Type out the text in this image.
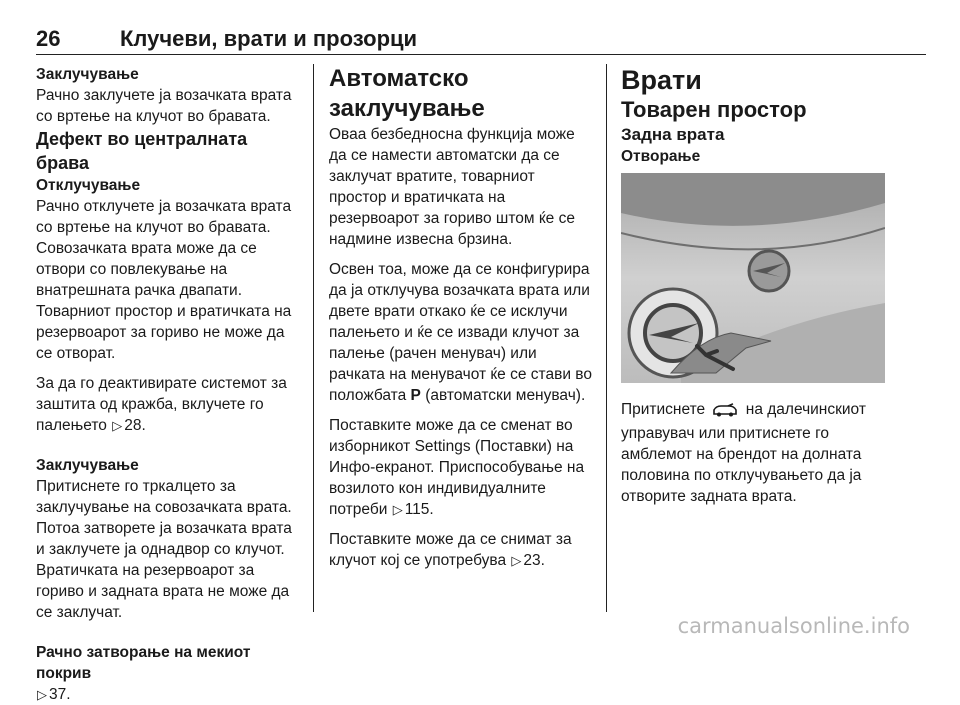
26	Клучеви, врати и прозорци

Заклучување

Рачно заклучете ја возачката врата со вртење на клучот во бравата.

Дефект во централната брава

Отклучување

Рачно отклучете ја возачката врата со вртење на клучот во бравата. Совозачката врата може да се отвори со повлекување на внатрешната рачка двапати. Товарниот простор и вратичката на резервоарот за гориво не може да се отворат.

За да го деактивирате системот за заштита од кражба, вклучете го палењето ▷ 28.

Заклучување

Притиснете го тркалцето за заклучување на совозачката врата. Потоа затворете ја возачката врата и заклучете ја однадвор со клучот. Вратичката на резервоарот за гориво и задната врата не може да се заклучат.

Рачно затворање на мекиот покрив

▷ 37.

Автоматско заклучување

Оваа безбедносна функција може да се намести автоматски да се заклучат вратите, товарниот простор и вратичката на резервоарот за гориво штом ќе се надмине извесна брзина.

Освен тоа, може да се конфигурира да ја отклучува возачката врата или двете врати откако ќе се исклучи палењето и ќе се извади клучот за палење (рачен менувач) или рачката на менувачот ќе се стави во положбата P (автоматски менувач).

Поставките може да се сменат во изборникот Settings (Поставки) на Инфо-екранот. Приспособување на возилото кон индивидуалните потреби ▷ 115.

Поставките може да се снимат за клучот кој се употребува ▷ 23.

Врати

Товарен простор

Задна врата

Отворање

Притиснете	на далечинскиот управувач или притиснете го амблемот на брендот на долната половина по отклучувањето да ја отворите задната врата.

carmanualsonline.info
